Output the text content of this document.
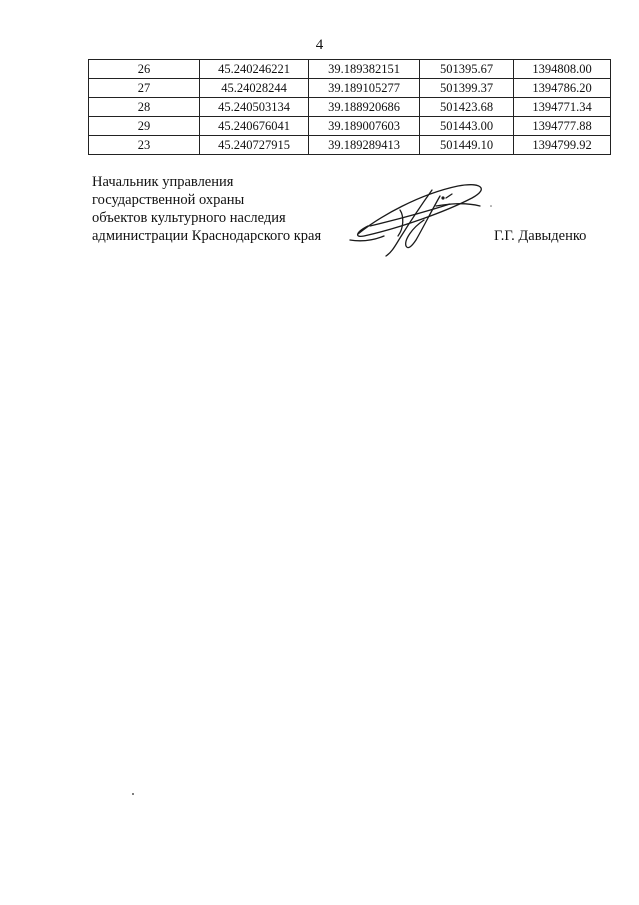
4
26	45.240246221	39.189382151	501395.67	1394808.00
27	45.24028244	39.189105277	501399.37	1394786.20
28	45.240503134	39.188920686	501423.68	1394771.34
29	45.240676041	39.189007603	501443.00	1394777.88
23	45.240727915	39.189289413	501449.10	1394799.92
Начальник управления
государственной охраны
объектов культурного наследия
администрации Краснодарского края	Г.Г. Давыденко
